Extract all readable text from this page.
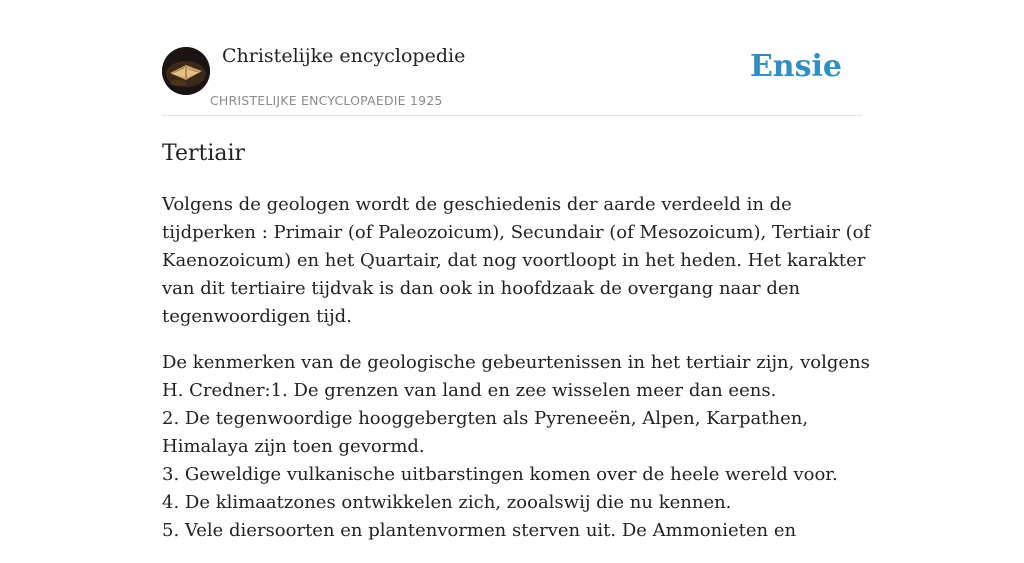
Christelijke encyclopedie
CHRISTELIJKE ENCYCLOPAEDIE 1925
Ensie
Tertiair

Volgens de geologen wordt de geschiedenis der aarde verdeeld in de tijdperken : Primair (of Paleozoicum), Secundair (of Mesozoicum), Tertiair (of Kaenozoicum) en het Quartair, dat nog voortloopt in het heden. Het karakter van dit tertiaire tijdvak is dan ook in hoofdzaak de overgang naar den tegenwoordigen tijd.

De kenmerken van de geologische gebeurtenissen in het tertiair zijn, volgens H. Credner:1. De grenzen van land en zee wisselen meer dan eens.
2. De tegenwoordige hooggebergten als Pyreneeën, Alpen, Karpathen, Himalaya zijn toen gevormd.
3. Geweldige vulkanische uitbarstingen komen over de heele wereld voor.
4. De klimaatzones ontwikkelen zich, zooalswij die nu kennen.
5. Vele diersoorten en plantenvormen sterven uit. De Ammonieten en
